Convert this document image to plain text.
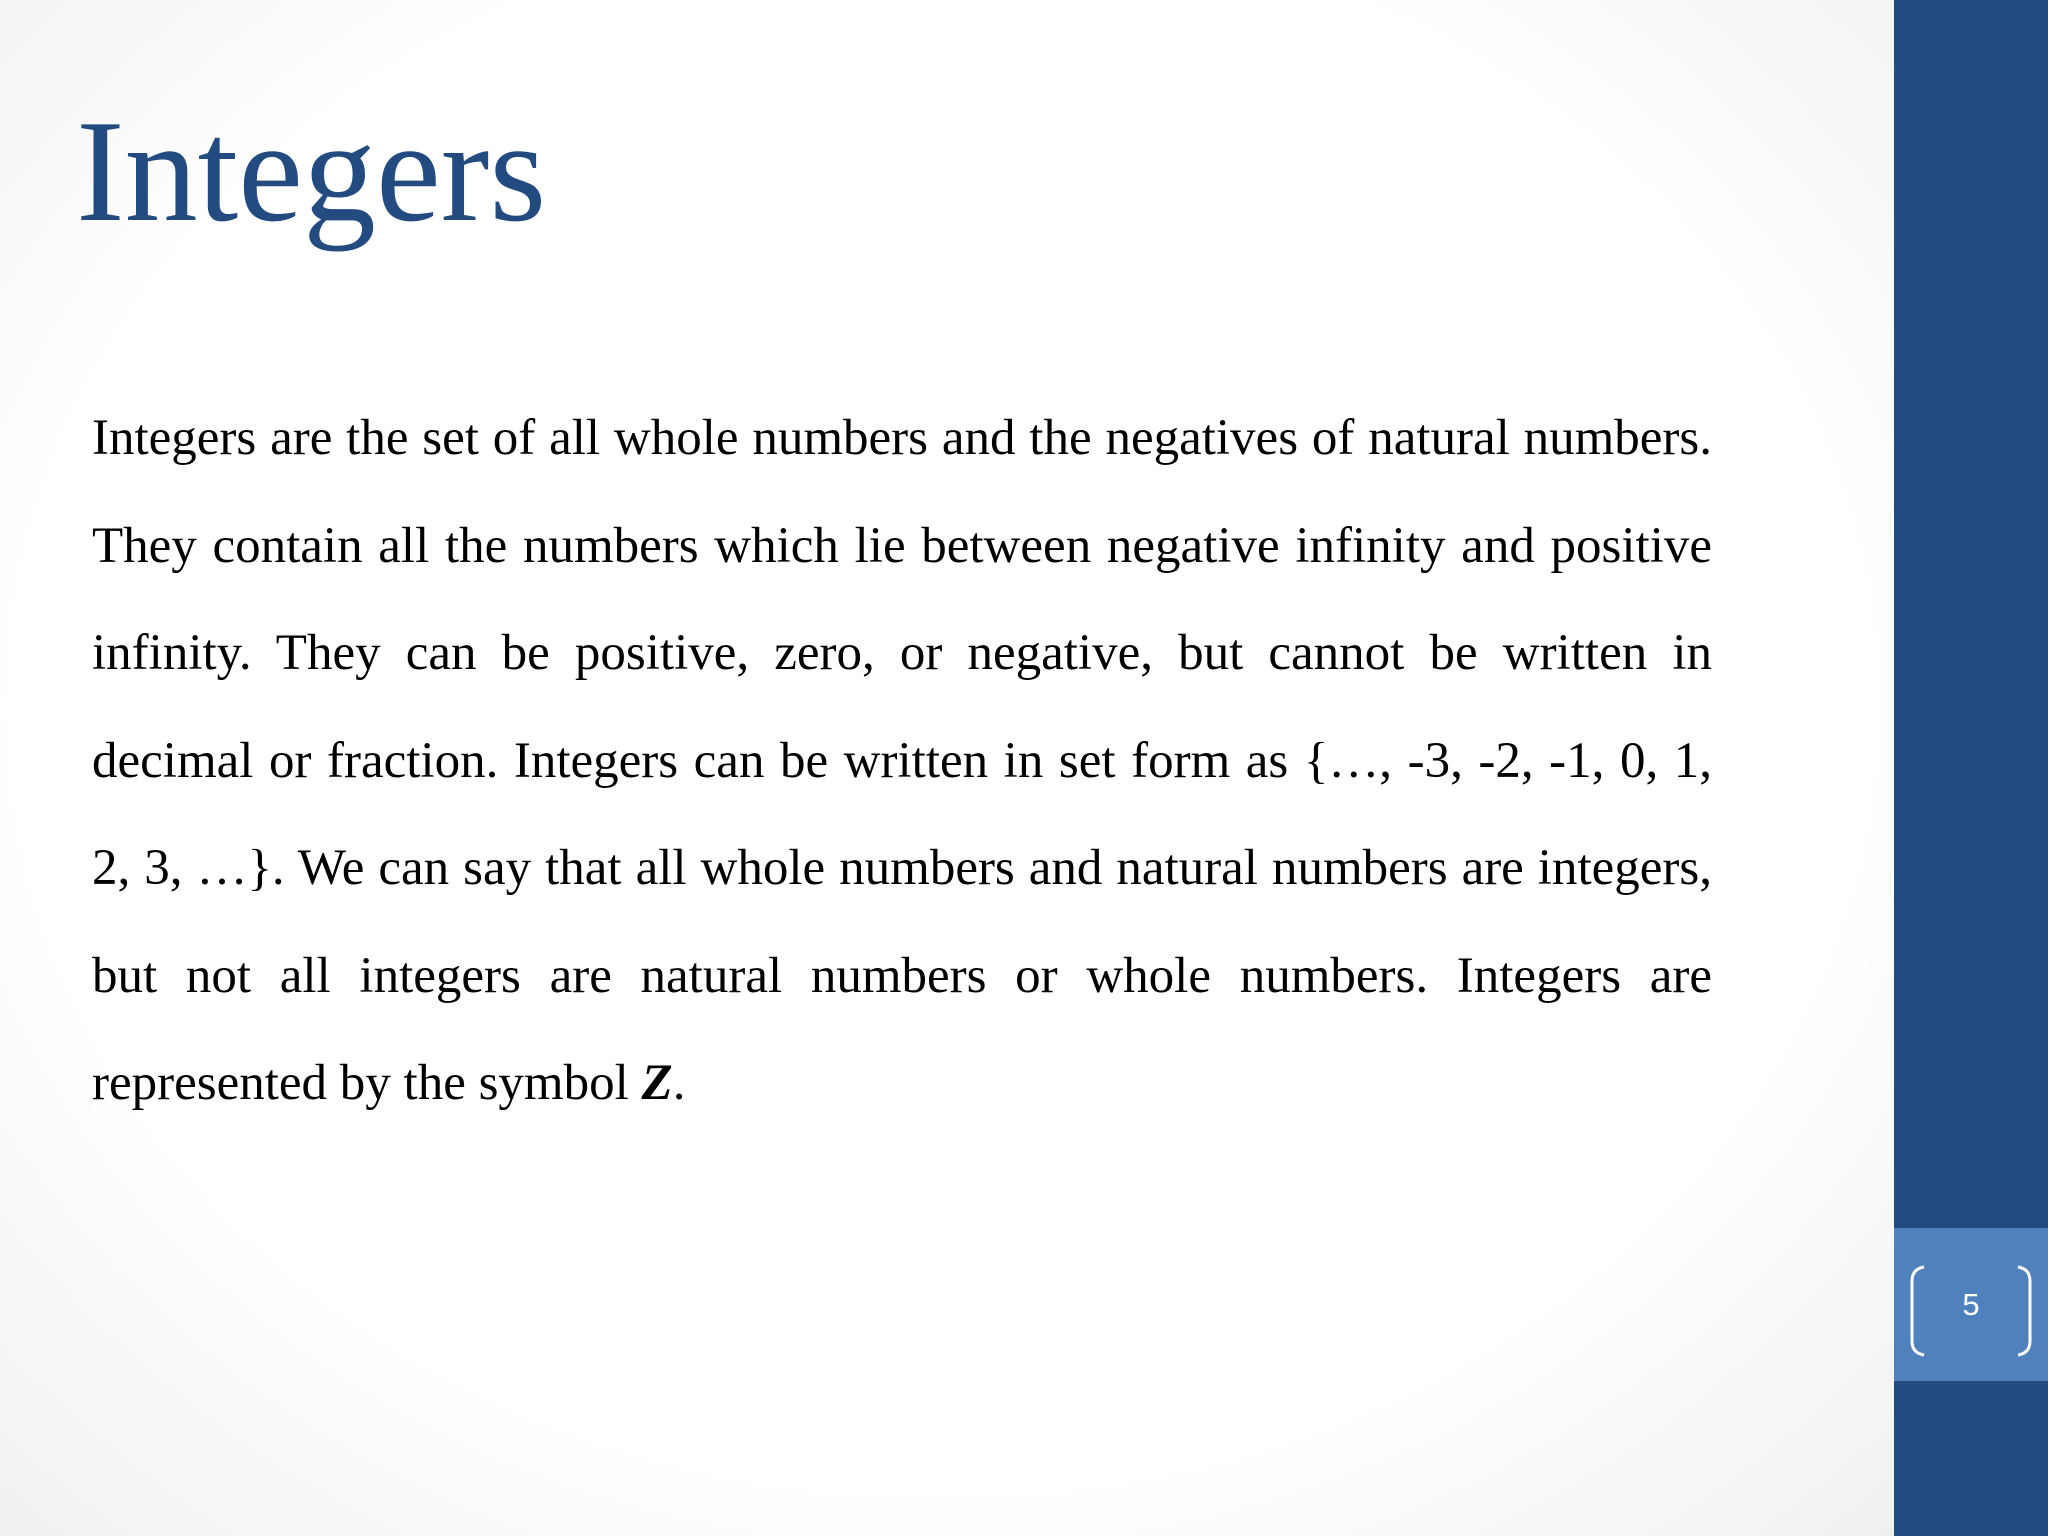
Integers

Integers are the set of all whole numbers and the negatives of natural numbers. They contain all the numbers which lie between negative infinity and positive infinity. They can be positive, zero, or negative, but cannot be written in decimal or fraction. Integers can be written in set form as {…, -3, -2, -1, 0, 1, 2, 3, …}. We can say that all whole numbers and natural numbers are integers, but not all integers are natural numbers or whole numbers. Integers are represented by the symbol Z.

5
